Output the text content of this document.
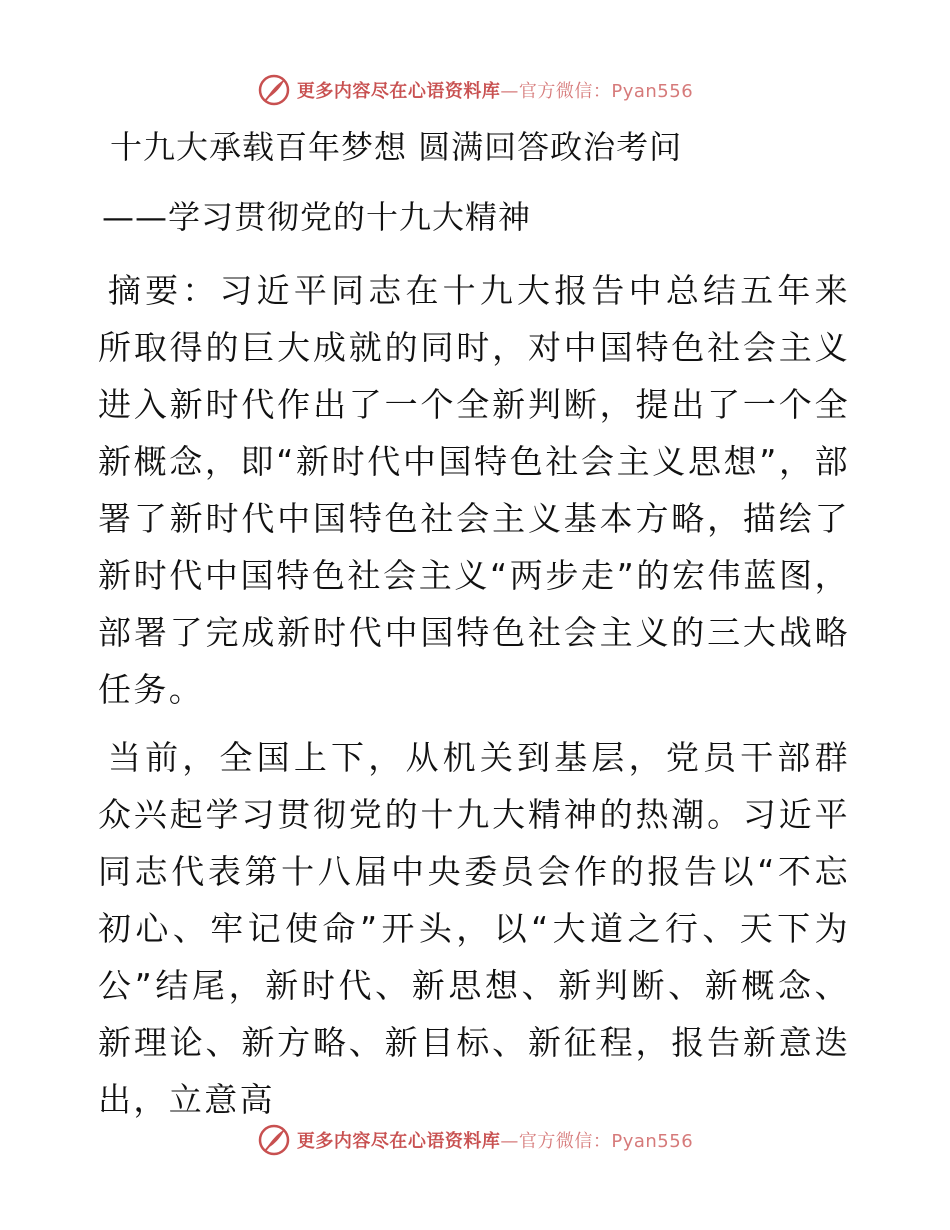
更多内容尽在心语资料库—官方微信：Pyan556
十九大承载百年梦想 圆满回答政治考问
——学习贯彻党的十九大精神

摘要：习近平同志在十九大报告中总结五年来所取得的巨大成就的同时，对中国特色社会主义进入新时代作出了一个全新判断，提出了一个全新概念，即“新时代中国特色社会主义思想”，部署了新时代中国特色社会主义基本方略，描绘了新时代中国特色社会主义“两步走”的宏伟蓝图，部署了完成新时代中国特色社会主义的三大战略任务。

当前，全国上下，从机关到基层，党员干部群众兴起学习贯彻党的十九大精神的热潮。习近平同志代表第十八届中央委员会作的报告以“不忘初心、牢记使命”开头，以“大道之行、天下为公”结尾，新时代、新思想、新判断、新概念、新理论、新方略、新目标、新征程，报告新意迭出，立意高

更多内容尽在心语资料库—官方微信：Pyan556
